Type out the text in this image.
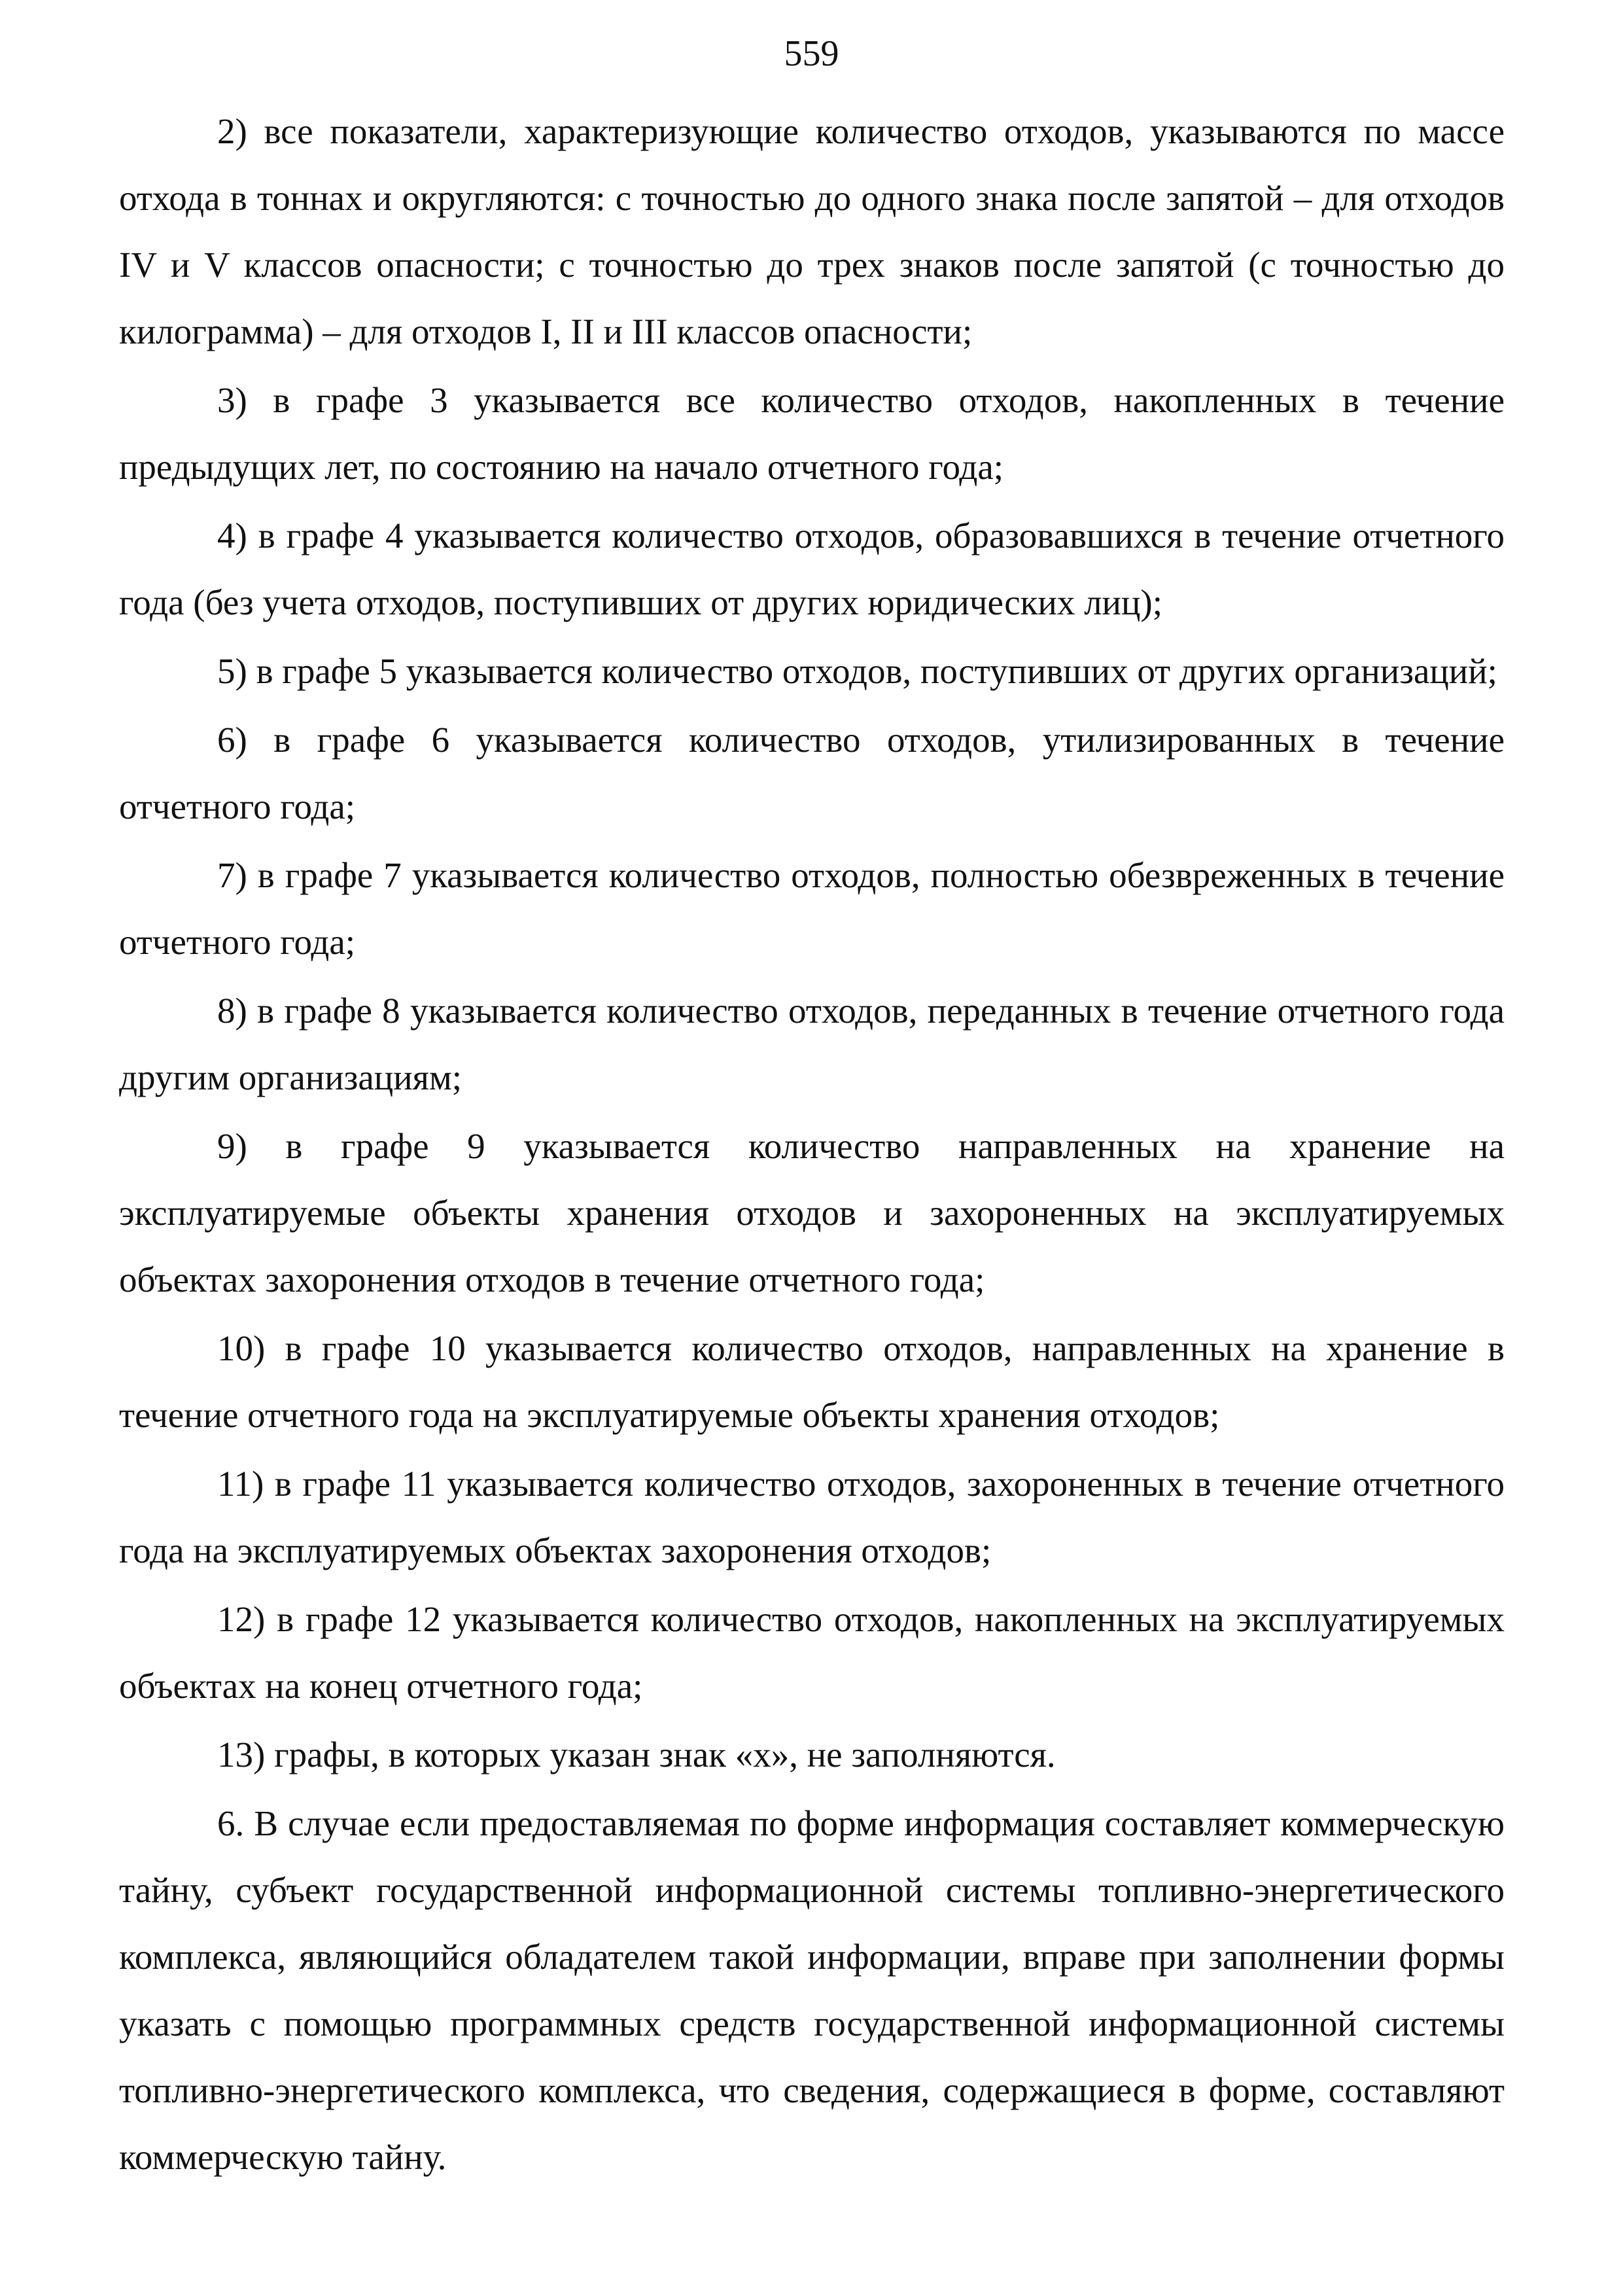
559

2) все показатели, характеризующие количество отходов, указываются по массе отхода в тоннах и округляются: с точностью до одного знака после запятой – для отходов IV и V классов опасности; с точностью до трех знаков после запятой (с точностью до килограмма) – для отходов I, II и III классов опасности;

3) в графе 3 указывается все количество отходов, накопленных в течение предыдущих лет, по состоянию на начало отчетного года;

4) в графе 4 указывается количество отходов, образовавшихся в течение отчетного года (без учета отходов, поступивших от других юридических лиц);

5) в графе 5 указывается количество отходов, поступивших от других организаций;

6) в графе 6 указывается количество отходов, утилизированных в течение отчетного года;

7) в графе 7 указывается количество отходов, полностью обезвреженных в течение отчетного года;

8) в графе 8 указывается количество отходов, переданных в течение отчетного года другим организациям;

9) в графе 9 указывается количество направленных на хранение на эксплуатируемые объекты хранения отходов и захороненных на эксплуатируемых объектах захоронения отходов в течение отчетного года;

10) в графе 10 указывается количество отходов, направленных на хранение в течение отчетного года на эксплуатируемые объекты хранения отходов;

11) в графе 11 указывается количество отходов, захороненных в течение отчетного года на эксплуатируемых объектах захоронения отходов;

12) в графе 12 указывается количество отходов, накопленных на эксплуатируемых объектах на конец отчетного года;

13) графы, в которых указан знак «х», не заполняются.

6. В случае если предоставляемая по форме информация составляет коммерческую тайну, субъект государственной информационной системы топливно-энергетического комплекса, являющийся обладателем такой информации, вправе при заполнении формы указать с помощью программных средств государственной информационной системы топливно-энергетического комплекса, что сведения, содержащиеся в форме, составляют коммерческую тайну.
